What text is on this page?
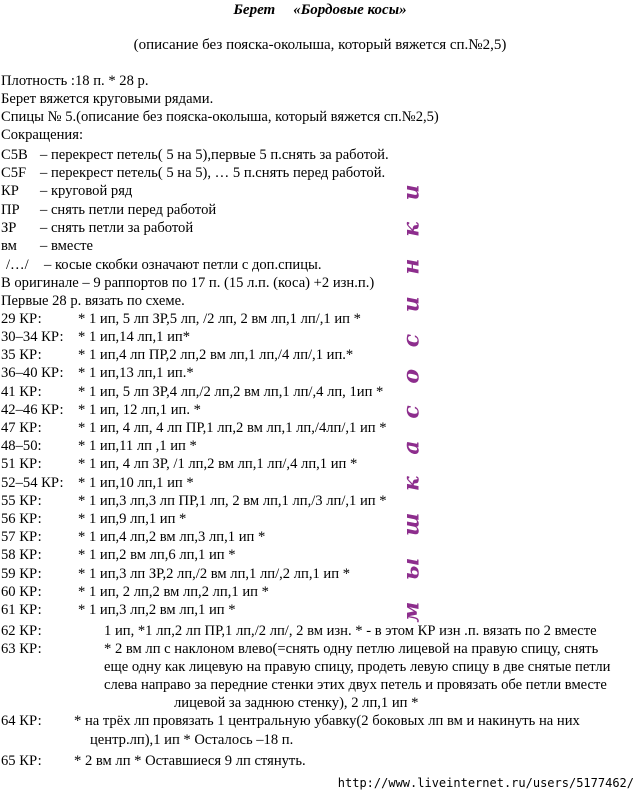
Берет «Бордовые косы»
(описание без пояска-околыша, который вяжется сп.№2,5)
Плотность :18 п. * 28 р.
Берет вяжется круговыми рядами.
Спицы № 5.(описание без пояска-околыша, который вяжется сп.№2,5)
Сокращения:
C5B – перекрест петель( 5 на 5),первые 5 п.снять за работой.
C5F – перекрест петель( 5 на 5), … 5 п.снять перед работой.
КР – круговой ряд
ПР – снять петли перед работой
ЗР – снять петли за работой
вм – вместе
/…/ – косые скобки означают петли с доп.спицы.
В оригинале – 9 раппортов по 17 п. (15 л.п. (коса) +2 изн.п.)
Первые 28 р. вязать по схеме.
29 КР: * 1 ип, 5 лп ЗР,5 лп, /2 лп, 2 вм лп,1 лп/,1 ип *
30–34 КР: * 1 ип,14 лп,1 ип*
35 КР: * 1 ип,4 лп ПР,2 лп,2 вм лп,1 лп,/4 лп/,1 ип.*
36–40 КР: * 1 ип,13 лп,1 ип.*
41 КР: * 1 ип, 5 лп ЗР,4 лп,/2 лп,2 вм лп,1 лп/,4 лп, 1ип *
42–46 КР: * 1 ип, 12 лп,1 ип. *
47 КР: * 1 ип, 4 лп, 4 лп ПР,1 лп,2 вм лп,1 лп,/4лп/,1 ип *
48–50: * 1 ип,11 лп ,1 ип *
51 КР: * 1 ип, 4 лп ЗР, /1 лп,2 вм лп,1 лп/,4 лп,1 ип *
52–54 КР: * 1 ип,10 лп,1 ип *
55 КР: * 1 ип,3 лп,3 лп ПР,1 лп, 2 вм лп,1 лп,/3 лп/,1 ип *
56 КР: * 1 ип,9 лп,1 ип *
57 КР: * 1 ип,4 лп,2 вм лп,3 лп,1 ип *
58 КР: * 1 ип,2 вм лп,6 лп,1 ип *
59 КР: * 1 ип,3 лп ЗР,2 лп,/2 вм лп,1 лп/,2 лп,1 ип *
60 КР: * 1 ип, 2 лп,2 вм лп,2 лп,1 ип *
61 КР: * 1 ип,3 лп,2 вм лп,1 ип *
62 КР:	1 ип, *1 лп,2 лп ПР,1 лп,/2 лп/, 2 вм изн. * - в этом КР изн .п. вязать по 2 вместе
63 КР:	* 2 вм лп с наклоном влево(=снять одну петлю лицевой на правую спицу, снять
еще одну как лицевую на правую спицу, продеть левую спицу в две снятые петли
слева направо за передние стенки этих двух петель и провязать обе петли вместе
лицевой за заднюю стенку), 2 лп,1 ип *
64 КР: * на трёх лп провязать 1 центральную убавку(2 боковых лп вм и накинуть на них
центр.лп),1 ип * Осталось –18 п.
65 КР: * 2 вм лп * Оставшиеся 9 лп стянуть.
м ы ш к а с о с и н к и
http://www.liveinternet.ru/users/5177462/
